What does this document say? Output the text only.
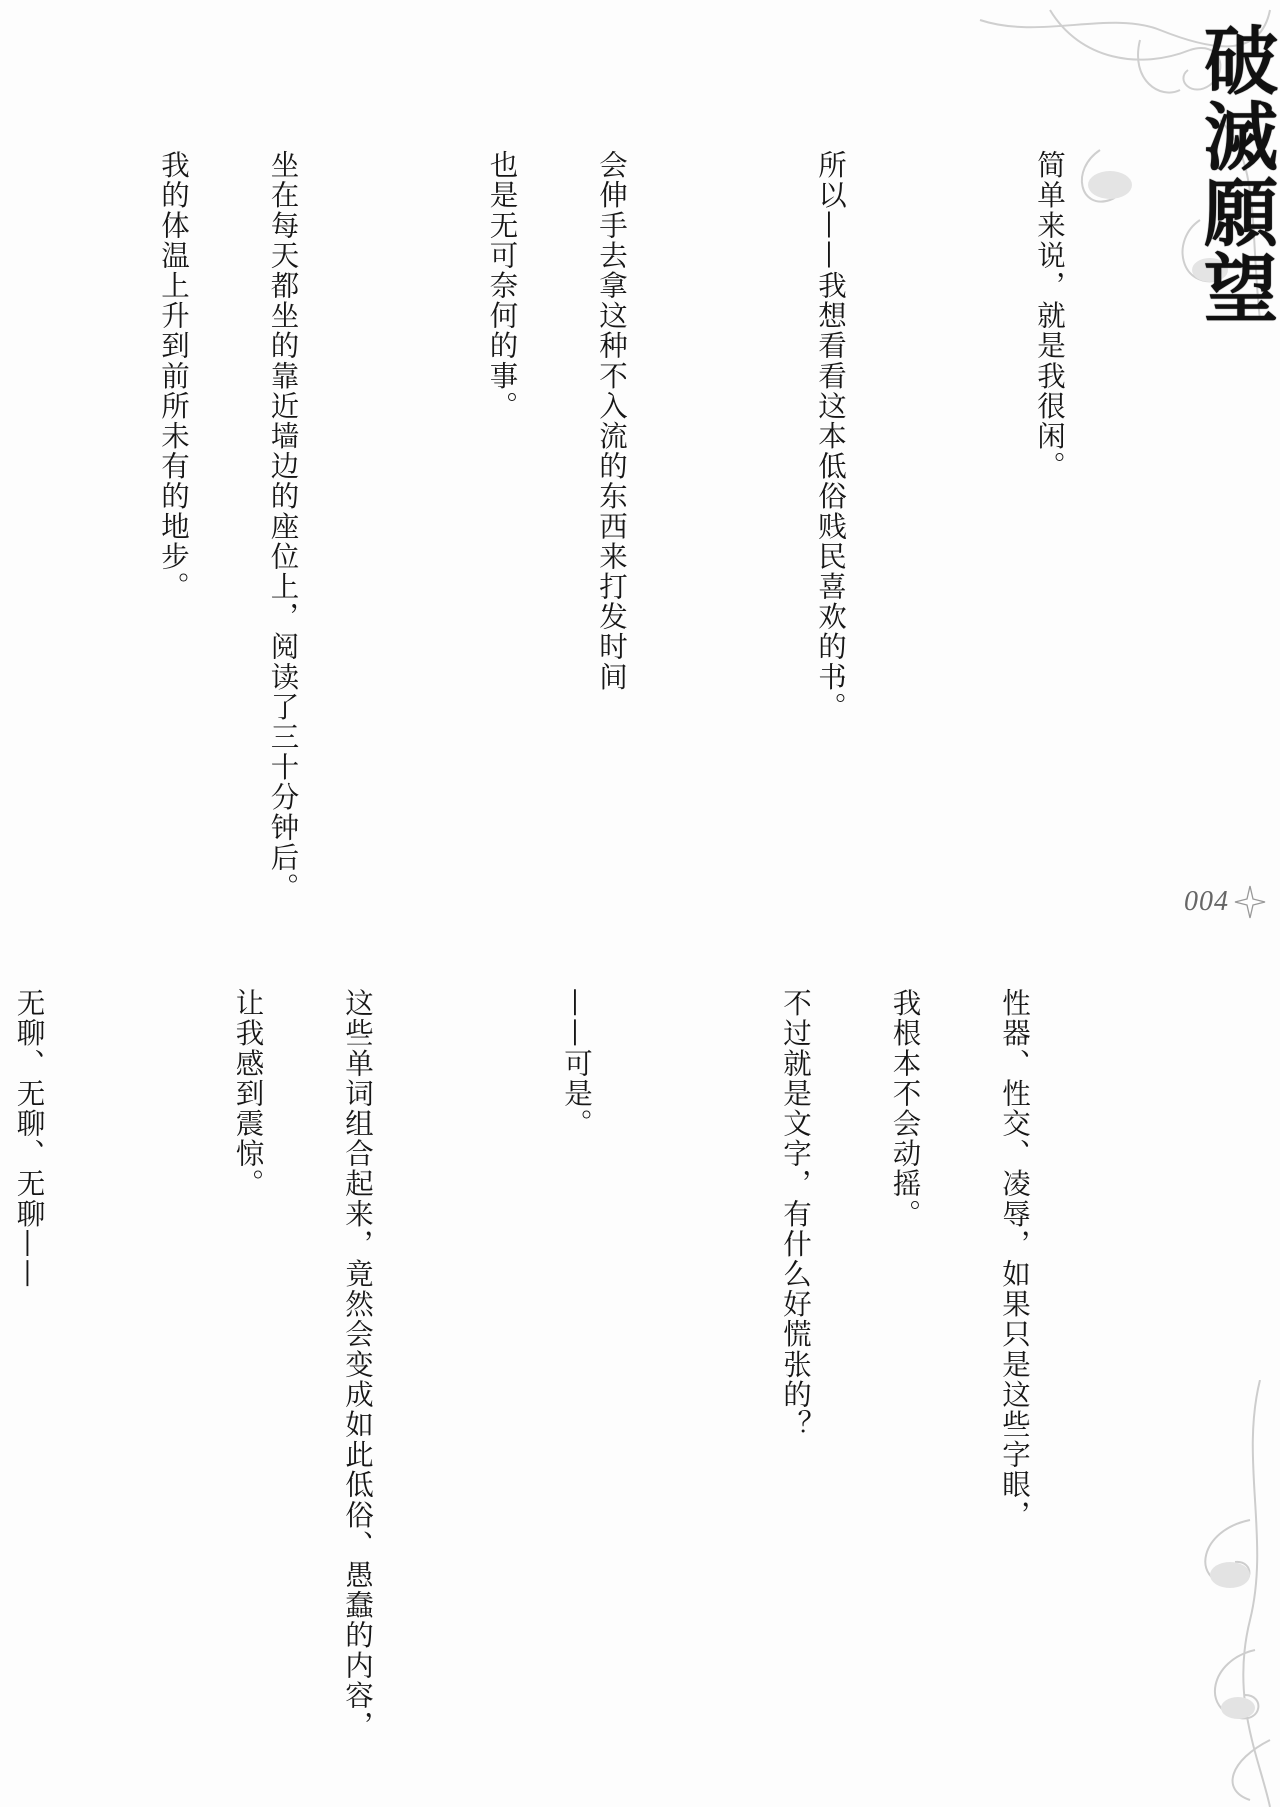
破滅願望
004

简单来说，就是我很闲。

所以——我想看看这本低俗贱民喜欢的书。

会伸手去拿这种不入流的东西来打发时间

也是无可奈何的事。

坐在每天都坐的靠近墙边的座位上，阅读了三十分钟后。

我的体温上升到前所未有的地步。

性器、性交、凌辱，如果只是这些字眼，

我根本不会动摇。

不过就是文字，有什么好慌张的？

——可是。

这些单词组合起来，竟然会变成如此低俗、愚蠢的内容，

让我感到震惊。

无聊、无聊、无聊——
